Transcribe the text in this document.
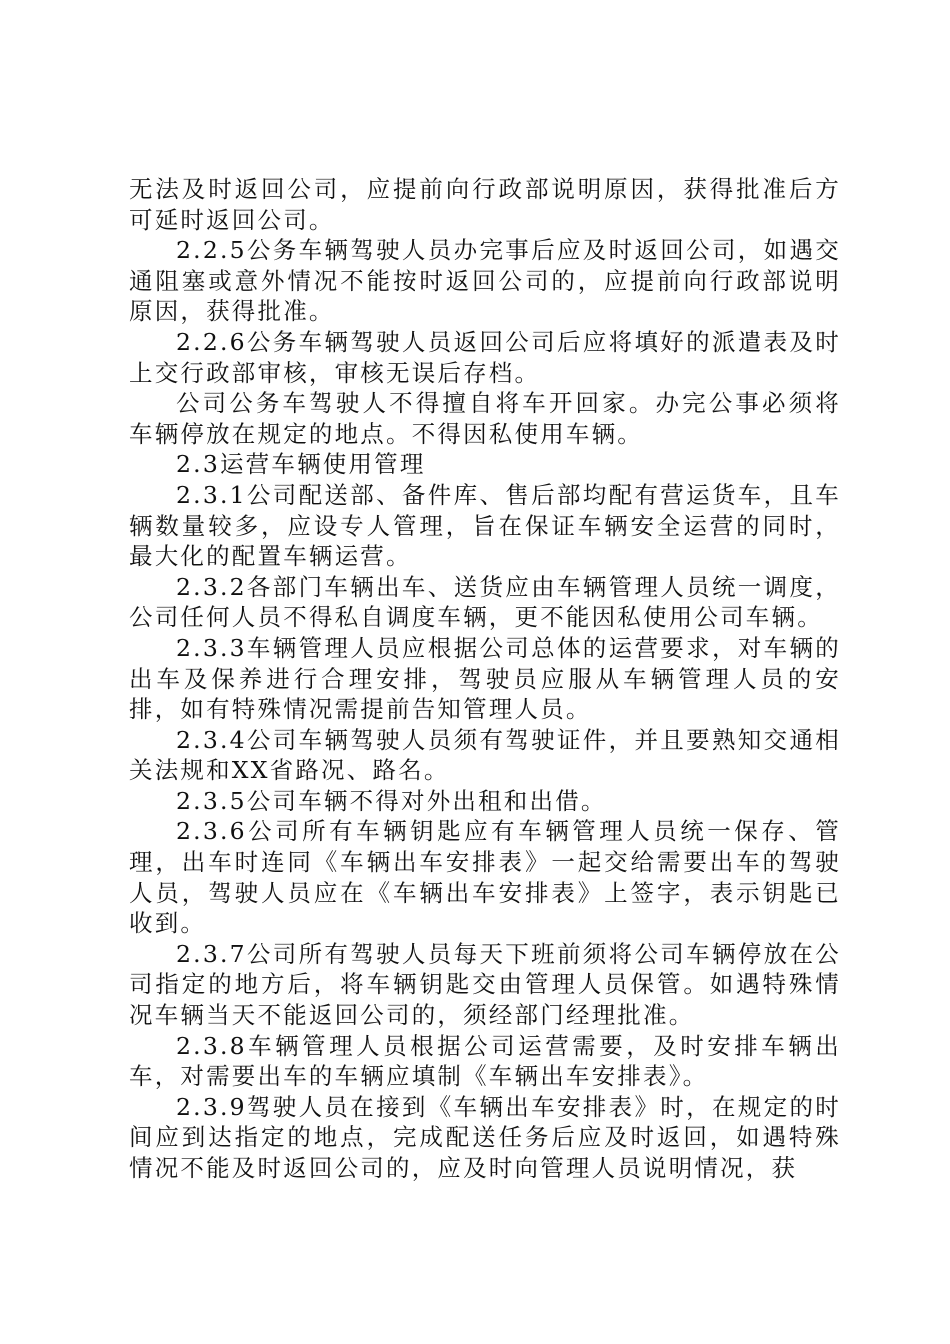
无法及时返回公司，应提前向行政部说明原因，获得批准后方可延时返回公司。

2.2.5公务车辆驾驶人员办完事后应及时返回公司，如遇交通阻塞或意外情况不能按时返回公司的，应提前向行政部说明原因，获得批准。

2.2.6公务车辆驾驶人员返回公司后应将填好的派遣表及时上交行政部审核，审核无误后存档。

公司公务车驾驶人不得擅自将车开回家。办完公事必须将车辆停放在规定的地点。不得因私使用车辆。

2.3运营车辆使用管理

2.3.1公司配送部、备件库、售后部均配有营运货车，且车辆数量较多，应设专人管理，旨在保证车辆安全运营的同时，最大化的配置车辆运营。

2.3.2各部门车辆出车、送货应由车辆管理人员统一调度，公司任何人员不得私自调度车辆，更不能因私使用公司车辆。

2.3.3车辆管理人员应根据公司总体的运营要求，对车辆的出车及保养进行合理安排，驾驶员应服从车辆管理人员的安排，如有特殊情况需提前告知管理人员。

2.3.4公司车辆驾驶人员须有驾驶证件，并且要熟知交通相关法规和XX省路况、路名。

2.3.5公司车辆不得对外出租和出借。

2.3.6公司所有车辆钥匙应有车辆管理人员统一保存、管理，出车时连同《车辆出车安排表》一起交给需要出车的驾驶人员，驾驶人员应在《车辆出车安排表》上签字，表示钥匙已收到。

2.3.7公司所有驾驶人员每天下班前须将公司车辆停放在公司指定的地方后，将车辆钥匙交由管理人员保管。如遇特殊情况车辆当天不能返回公司的，须经部门经理批准。

2.3.8车辆管理人员根据公司运营需要，及时安排车辆出车，对需要出车的车辆应填制《车辆出车安排表》。

2.3.9驾驶人员在接到《车辆出车安排表》时，在规定的时间应到达指定的地点，完成配送任务后应及时返回，如遇特殊情况不能及时返回公司的，应及时向管理人员说明情况，获
